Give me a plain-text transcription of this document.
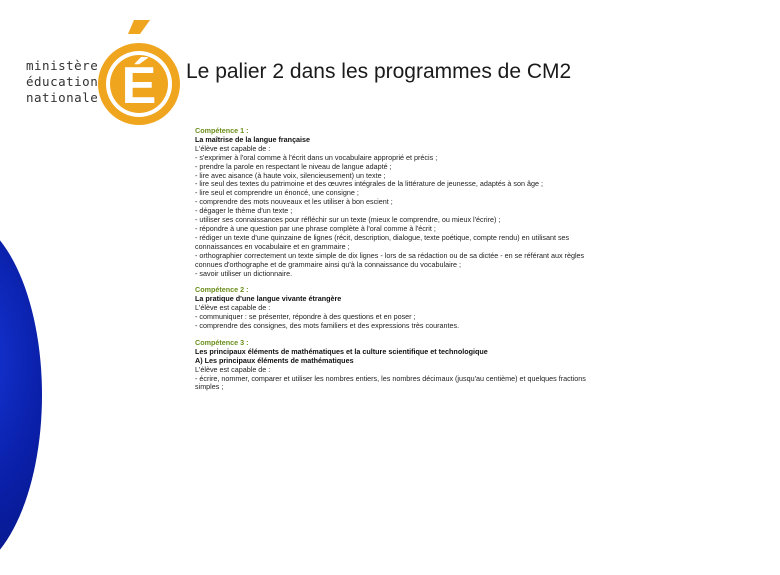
ministère
éducation
nationale É Le palier 2 dans les programmes de CM2
Compétence 1 :
La maîtrise de la langue française
L'élève est capable de :
- s'exprimer à l'oral comme à l'écrit dans un vocabulaire approprié et précis ;
- prendre la parole en respectant le niveau de langue adapté ;
- lire avec aisance (à haute voix, silencieusement) un texte ;
- lire seul des textes du patrimoine et des œuvres intégrales de la littérature de jeunesse, adaptés à son âge ;
- lire seul et comprendre un énoncé, une consigne ;
- comprendre des mots nouveaux et les utiliser à bon escient ;
- dégager le thème d'un texte ;
- utiliser ses connaissances pour réfléchir sur un texte (mieux le comprendre, ou mieux l'écrire) ;
- répondre à une question par une phrase complète à l'oral comme à l'écrit ;
- rédiger un texte d'une quinzaine de lignes (récit, description, dialogue, texte poétique, compte rendu) en utilisant ses connaissances en vocabulaire et en grammaire ;
- orthographier correctement un texte simple de dix lignes - lors de sa rédaction ou de sa dictée - en se référant aux règles connues d'orthographe et de grammaire ainsi qu'à la connaissance du vocabulaire ;
- savoir utiliser un dictionnaire.
Compétence 2 :
La pratique d'une langue vivante étrangère
L'élève est capable de :
- communiquer : se présenter, répondre à des questions et en poser ;
- comprendre des consignes, des mots familiers et des expressions très courantes.
Compétence 3 :
Les principaux éléments de mathématiques et la culture scientifique et technologique
A) Les principaux éléments de mathématiques
L'élève est capable de :
- écrire, nommer, comparer et utiliser les nombres entiers, les nombres décimaux (jusqu'au centième) et quelques fractions simples ;
